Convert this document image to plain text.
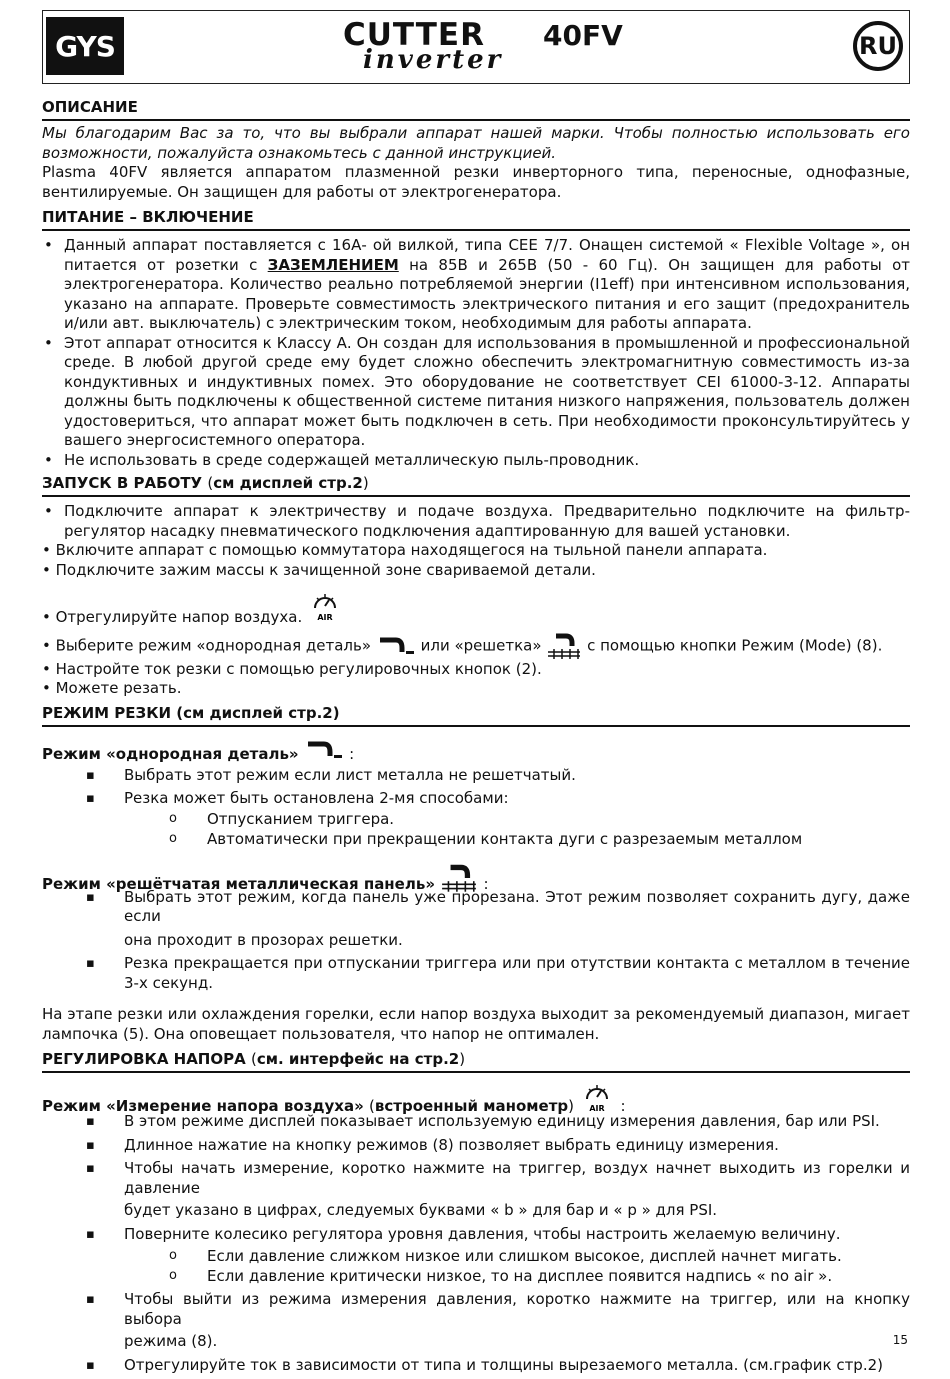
GYS	CUTTER 40FV
inverter	RU
ОПИСАНИЕ

Мы благодарим Вас за то, что вы выбрали аппарат нашей марки. Чтобы полностью использовать его возможности, пожалуйста ознакомьтесь с данной инструкцией.

Plasma 40FV является аппаратом плазменной резки инверторного типа, переносные, однофазные, вентилируемые. Он защищен для работы от электрогенератора.

ПИТАНИЕ – ВКЛЮЧЕНИЕ
• Данный аппарат поставляется с 16А- ой вилкой, типа CEE 7/7. Онащен системой « Flexible Voltage », он питается от розетки с ЗАЗЕМЛЕНИЕМ на 85В и 265В (50 - 60 Гц). Он защищен для работы от электрогенератора. Количество реально потребляемой энергии (I1eff) при интенсивном использования, указано на аппарате. Проверьте совместимость электрического питания и его защит (предохранитель и/или авт. выключатель) с электрическим током, необходимым для работы аппарата.
• Этот аппарат относится к Классу А. Он создан для использования в промышленной и профессиональной среде. В любой другой среде ему будет сложно обеспечить электромагнитную совместимость из-за кондуктивных и индуктивных помех. Это оборудование не соответствует CEI 61000-3-12. Аппараты должны быть подключены к общественной системе питания низкого напряжения, пользователь должен удостовериться, что аппарат может быть подключен в сеть. При необходимости проконсультируйтесь у вашего энергосистемного оператора.
• Не использовать в среде содержащей металлическую пыль-проводник.
ЗАПУСК В РАБОТУ (см дисплей стр.2)
• Подключите аппарат к электричеству и подаче воздуха. Предварительно подключите на фильтр-регулятор насадку пневматического подключения адаптированную для вашей установки.
• Включите аппарат с помощью коммутатора находящегося на тыльной панели аппарата.
• Подключите зажим массы к зачищенной зоне свариваемой детали.
• Отрегулируйте напор воздуха. AIR
• Выберите режим «однородная деталь»	или «решетка»	с помощью кнопки Режим (Mode) (8).
• Настройте ток резки с помощью регулировочных кнопок (2).
• Можете резать.
РЕЖИМ РЕЗКИ (см дисплей стр.2)
Режим «однородная деталь»	:
▪ Выбрать этот режим если лист металла не решетчатый.
▪ Резка может быть остановлена 2-мя способами:
o Отпусканием триггера.
o Автоматически при прекращении контакта дуги с разрезаемым металлом
Режим «решётчатая металлическая панель»	:
▪ Выбрать этот режим, когда панель уже прорезана. Этот режим позволяет сохранить дугу, даже если
она проходит в прозорах решетки.
▪ Резка прекращается при отпускании триггера или при отутствии контакта с металлом в течение 3-х секунд.

На этапе резки или охлаждения горелки, если напор воздуха выходит за рекомендуемый диапазон, мигает лампочка (5). Она оповещает пользователя, что напор не оптимален.

РЕГУЛИРОВКА НАПОРА (см. интерфейс на стр.2)
Режим «Измерение напора воздуха» (встроенный манометр) AIR :
▪ В этом режиме дисплей показывает используемую единицу измерения давления, бар или PSI.
▪ Длинное нажатие на кнопку режимов (8) позволяет выбрать единицу измерения.
▪ Чтобы начать измерение, коротко нажмите на триггер, воздух начнет выходить из горелки и давление
будет указано в цифрах, следуемых буквами « b » для бар и « p » для PSI.
▪ Поверните колесико регулятора уровня давления, чтобы настроить желаемую величину.
o Если давление слижком низкое или слишком высокое, дисплей начнет мигать.
o Если давление критически низкое, то на дисплее появится надпись « no air ».
▪ Чтобы выйти из режима измерения давления, коротко нажмите на триггер, или на кнопку выбора
режима (8).
▪ Отрегулируйте ток в зависимости от типа и толщины вырезаемого металла. (см.график стр.2)
15
